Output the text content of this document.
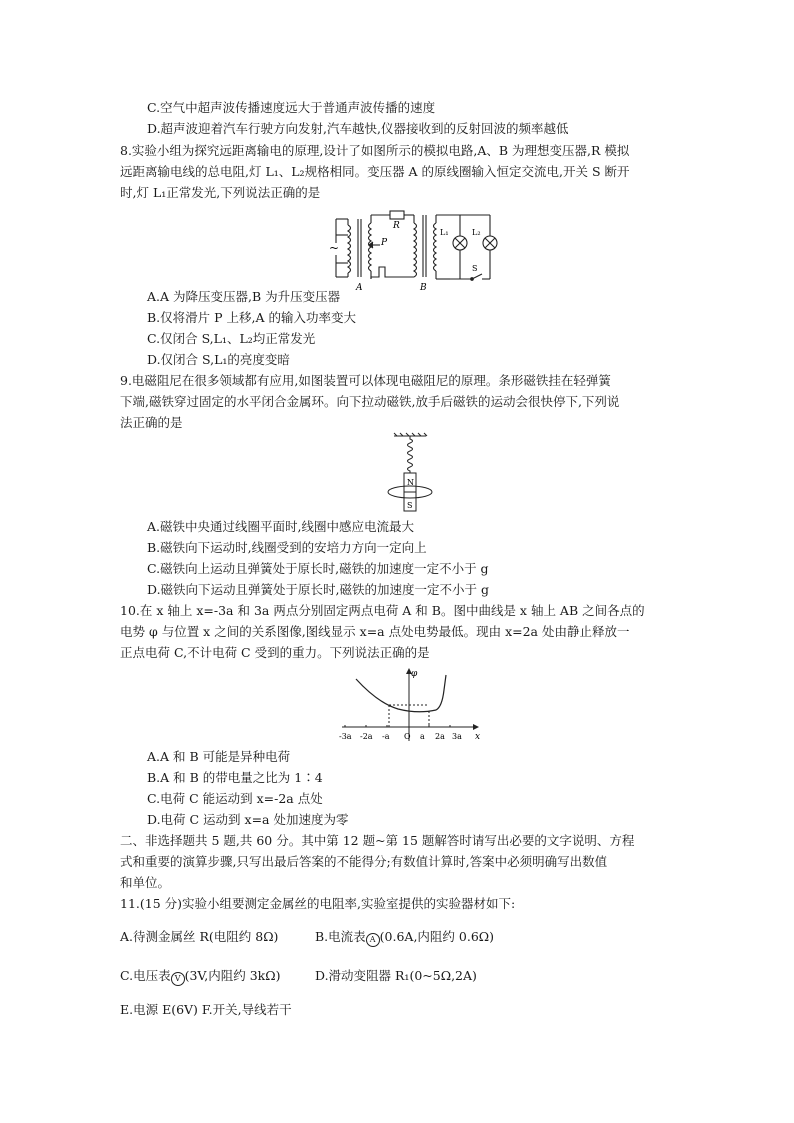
C.空气中超声波传播速度远大于普通声波传播的速度
D.超声波迎着汽车行驶方向发射,汽车越快,仪器接收到的反射回波的频率越低
8.实验小组为探究远距离输电的原理,设计了如图所示的模拟电路,A、B 为理想变压器,R 模拟
远距离输电线的总电阻,灯 L₁、L₂规格相同。变压器 A 的原线圈输入恒定交流电,开关 S 断开
时,灯 L₁正常发光,下列说法正确的是
~
R
P
A	B
L₁	L₂
S
A.A 为降压变压器,B 为升压变压器
B.仅将滑片 P 上移,A 的输入功率变大
C.仅闭合 S,L₁、L₂均正常发光
D.仅闭合 S,L₁的亮度变暗
9.电磁阻尼在很多领域都有应用,如图装置可以体现电磁阻尼的原理。条形磁铁挂在轻弹簧
下端,磁铁穿过固定的水平闭合金属环。向下拉动磁铁,放手后磁铁的运动会很快停下,下列说
法正确的是
N
S
A.磁铁中央通过线圈平面时,线圈中感应电流最大
B.磁铁向下运动时,线圈受到的安培力方向一定向上
C.磁铁向上运动且弹簧处于原长时,磁铁的加速度一定不小于 g
D.磁铁向下运动且弹簧处于原长时,磁铁的加速度一定不小于 g
10.在 x 轴上 x=-3a 和 3a 两点分别固定两点电荷 A 和 B。图中曲线是 x 轴上 AB 之间各点的
电势 φ 与位置 x 之间的关系图像,图线显示 x=a 点处电势最低。现由 x=2a 处由静止释放一
正点电荷 C,不计电荷 C 受到的重力。下列说法正确的是
φ
x
-3a -2a -a O a 2a 3a
A.A 和 B 可能是异种电荷
B.A 和 B 的带电量之比为 1∶4
C.电荷 C 能运动到 x=-2a 点处
D.电荷 C 运动到 x=a 处加速度为零
二、非选择题共 5 题,共 60 分。其中第 12 题~第 15 题解答时请写出必要的文字说明、方程
式和重要的演算步骤,只写出最后答案的不能得分;有数值计算时,答案中必须明确写出数值
和单位。
11.(15 分)实验小组要测定金属丝的电阻率,实验室提供的实验器材如下:
A.待测金属丝 R(电阻约 8Ω)	B.电流表 A (0.6A,内阻约 0.6Ω)
C.电压表 V (3V,内阻约 3kΩ)	D.滑动变阻器 R₁(0~5Ω,2A)
E.电源 E(6V) F.开关,导线若干
